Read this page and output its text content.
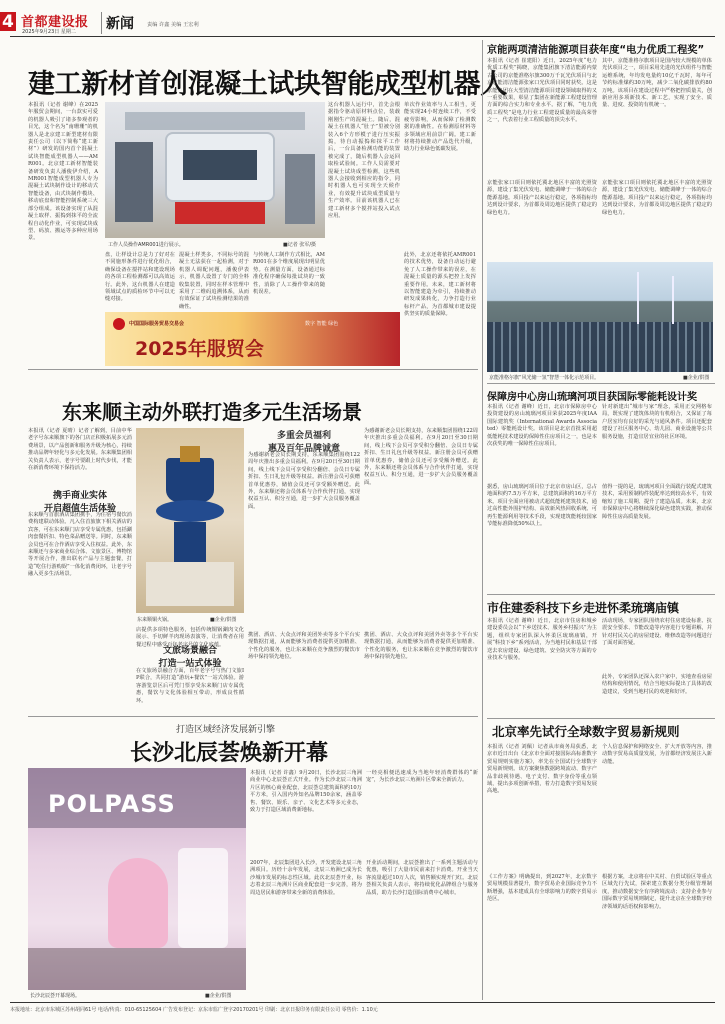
4 首都建设报
2025年9月23日 星期二 新闻	责编 许鑫 美编 王宏利
建工新材首创混凝土试块智能成型机器人
本报讯（记者 谢峰）在2025年服贸会期间，一台款实可爱的机器人吸引了诸多参观者的目光，这个名为“南珊珊”的机器人是北京建工新型建材有限责任公司（以下简称“建工新材”）研发的国内首个混凝土试块智能成型机器人——AMR001。北京建工新材智能装备研发负责人潘俊伊介绍，AMR001智能成型机器人专为混凝土试块制作设计的移动式智能设备，由式块制作模块、移动底盘和智能控制系统三大部分组成。该设备实现了从混凝土取样、振捣到抹平的全流程自动化作业，可实现试块成型、码放、搬运等多种应用场景。
工作人员操作AMR001进行展示。	■记者 张军/摄
这台机器人运行中，首先会根据指令驱动原材料点位，装载刚刚生产的混凝土。随后，混凝土在机器人“肚子”里被分别装入6个方形模子进行压实振捣，待自动振捣和抹平工作后，一台具备检测功能的装置被完成了，随后机器人会运回取检试验间。工作人员需要对混凝土试块成型检测，这些机器人会接收到相应的指令，同时机器人也可实现全天候作业，有效提升试块成型质量与生产效率。目前该机器人已在建工新材多个搅拌站投入试点应用。
单次作业效率与人工相当，更能实现24小时连续工作，不受疲劳影响，从而保障了检测数据的准确性。在检测原材料等多领域应用前景广阔。建工新材将持续推动产品迭代升级，助力行业绿色低碳发展。
此外，北京还将依托AMR001的技术优势，设备自动运行避免了人工操作带来的误差，在混凝土质量的源头把控上发挥重要作用。未来，建工新材将以智能建造为牵引，持续推动研发成果转化，力争打造行业标杆产品，为首都城市建设提供坚实的质量保障。
盘，让样设计总是力了好对在不同施形条件进行优化组合，确保设备在搅拌站和建设现场的各项工程检测都可以高效运行。此外，这台机器人在建造领域试点的质检环节中可以无缝对接。
混凝土样类多，不同标号的混凝土无法获在一起检测，对于机器人调配问题，潘俊伊表示，机器人设置了专门的全料收集装置，同时在样本管理中采用了二维码追溯体系，从而有效保证了试块检测结果的准确性。
与传统人工制作方式相比，AMR001在多个维度展现出明显优势。在测量方面，设备通过标准化程序确保每批试块的一致性，消除了人工操作带来的随机误差。
中国国际服务贸易交易会	数字 智能 绿色
2025年服贸会
京能两项清洁能源项目获年度“电力优质工程奖”
本报讯（记者 崔建阳）近日，2025年度“电力优质工程奖”揭晓，京能集团旗下清洁能源内蒙古公司的京能准格尔旗300万千瓦光伏项目与北京京能清洁能源张家口光伏项目同时获奖。这是京能集团在大型清洁能源项目建设领域取得的又一重要成果，彰显了集团在新能源工程建设管理方面的综合实力和专业水平。据了解，“电力优质工程奖”是电力行业工程建设质量的最高荣誉之一，代表着行业工程质量的顶尖水平。
其中，京能准格尔旗项目是国内较大规模的单体光伏项目之一，项目采用先进的光伏组件与智能运维系统，年均发电量约10亿千瓦时，每年可节约标准煤约30万吨，减少二氧化碳排放约80万吨。该项目在建设过程中严格把控质量关，创新应用多项新技术、新工艺，实现了安全、质量、进度、投资的有机统一。
京能张家口项目则依托冀北地区丰富的光照资源，建设了集光伏发电、储能调峰于一体的综合能源基地。项目投产以来运行稳定，各项指标均达到设计要求，为首都及周边地区提供了稳定的绿色电力。
京能张家口项目则依托冀北地区丰富的光照资源，建设了集光伏发电、储能调峰于一体的综合能源基地。项目投产以来运行稳定，各项指标均达到设计要求，为首都及周边地区提供了稳定的绿色电力。
京能准格尔旗“风光储一氢”智慧一体化示范项目。	■企业/供图
东来顺主动外联打造多元生活场景
本报讯（记者 夏晴）记者了解到，目前中华老字号东来顺旗下的各门店正积极拓展多元消费场景，以产品创新和服务升级为核心，持续推动品牌年轻化与多元化发展。东来顺集团相关负责人表示，老字号要跟上时代步伐，才能在新消费环境下保持活力。
携手商业实体
开启超值生活体验
东来顺与首旅酒店集团携手，为住宿与餐饮消费构建联动体验。凡入住首旅旗下相关酒店的宾客，可在东来顺门店享受专属优惠，包括涮肉套餐折扣、特色菜品赠送等。同时，东来顺会员也可在合作酒店享受入住权益。此外，东来顺还与多家商业综合体、文旅景区、博物馆等开展合作，推出联名产品与主题套餐，打造“吃住行游购娱”一体化消费闭环，让老字号融入更多生活场景。
东来顺铜火锅。	■企业/供图
店提供多项特色服务，包括传统铜锅涮肉文化展示、手切鲜羊肉现场表演等，让消费者在用餐过程中感受百年老字号的文化底蕴。
文旅场景融合
打造一站式体验
在文旅场景融合方面，百年老字号与热门文旅IP联合，共同打造“游玩+餐饮”一站式体验。游客游览景区后可凭门票享受东来顺门店专属优惠，餐饮与文化体验相互带动，形成良性循环。
多重会员福利
惠及百年品牌诚意
为感谢新老会员长期支持，东来顺集团围绕122周年庆推出多重会员福利。在9月20日至30日期间，线上线下会员可享受积分翻倍、会员日专属折扣、生日礼包升级等权益。新注册会员可获赠首单优惠券，储值会员还可享受额外赠送。此外，东来顺还将会员体系与合作伙伴打通，实现权益互认、积分互通，进一步扩大会员服务覆盖面。
为感谢新老会员长期支持，东来顺集团围绕122周年庆推出多重会员福利。在9月20日至30日期间，线上线下会员可享受积分翻倍、会员日专属折扣、生日礼包升级等权益。新注册会员可获赠首单优惠券，储值会员还可享受额外赠送。此外，东来顺还将会员体系与合作伙伴打通，实现权益互认、积分互通，进一步扩大会员服务覆盖面。
携团、酒店、大众点评和美团外卖等多个平台实现数据打通，从而能够为消费者提供更加精准、个性化的服务，也让东来顺在竞争激烈的餐饮市场中保持领先地位。
携团、酒店、大众点评和美团外卖等多个平台实现数据打通，从而能够为消费者提供更加精准、个性化的服务，也让东来顺在竞争激烈的餐饮市场中保持领先地位。
保障房中心房山琉璃河项目获国际零能耗设计奖
本报讯（记者 谢峰）近日，北京市保障房中心投资建设的房山琉璃河项目荣获2025年度IAA国际建筑奖（International Awards Associated）零能耗设计奖。该项目是北京首批采用超低能耗技术建设的保障性住房项目之一，也是本次获奖的唯一保障性住房项目。
据悉，房山琉璃河项目位于北京市房山区，总占地面积约7.5万平方米，总建筑面积约16万平方米。项目全面应用被动式超低能耗建筑技术，通过高性能外围护结构、高效新风热回收系统、可再生能源利用等技术手段，实现建筑能耗较国家节能标准降低50%以上。
针对新建出“城市与家”理念，采用正交网格布局，既实现了建筑体块的有机组合，又保证了每户居室均有良好的采光与通风条件。项目还配套建设了社区服务中心、幼儿园、商业设施等公共服务设施，打造宜居宜业的社区环境。
值得一提的是，琉璃河项目全面践行装配式建筑技术，采用预制构件装配率达到较高水平，有效缩短了施工周期、提升了建造品质。未来，北京市保障房中心将继续深化绿色建筑实践，推动保障性住房高质量发展。
市住建委科技下乡走进怀柔琉璃庙镇
本报讯（记者 谢峰）近日，北京市住房和城乡建设委员会以“下乡送技术、服务乡村振兴”为主题，组织专家团队深入怀柔区琉璃庙镇，开展“科技下乡”系列活动，为当地村民和基层干部送去农房建设、绿色建筑、安全防灾等方面的专业技术与服务。
活动现场，专家团队围绕农村住房建设标准、抗震安全要求、节能改造等内容进行专题讲解，并针对村民关心的房屋建设、维修改造等问题进行了面对面答疑。
此外，专家团队还深入农户家中，实地查看房屋结构和使用情况，结合当地实际提出了具体的改造建议，受到当地村民的欢迎和好评。
打造区域经济发展新引擎
长沙北辰荟焕新开幕
POLPASS
长沙北辰荟开幕现场。	■企业/供图
本报讯（记者 许鑫）9月20日，长沙北辰三角洲商业中心北辰荟正式开业。作为长沙北辰三角洲片区的核心商业配套，北辰荟总建筑面积约10万平方米，引入国内外知名品牌150余家，涵盖零售、餐饮、娱乐、亲子、文化艺术等多元业态，致力于打造区域消费新地标。
2007年，北辰集团进入长沙，开发建设北辰三角洲项目。历经十余年发展，北辰三角洲已成为长沙城市发展的标志性区域。此次北辰荟开业，标志着北辰三角洲片区商业配套进一步完善，将为周边居民和游客带来全新的消费体验。
一经亮相便迅速成为当地年轻消费群体的“新宠”，为长沙北辰三角洲片区带来全新活力。
开业活动期间，北辰荟推出了一系列主题活动与优惠，吸引了大量市民前来打卡消费。开业当天客流量超过10万人次，销售额实现开门红。北辰荟相关负责人表示，将持续优化品牌组合与服务品质，助力长沙打造国际消费中心城市。
北京率先试行全球数字贸易新规则
本报讯（记者 刘佩）记者从市商务局获悉，北京市近日出台《北京市全面对接国际高标准数字贸易规则实施方案》，率先在全国试行全球数字贸易新规则。该方案聚焦数据跨境流动、数字产品非歧视待遇、电子支付、数字身份等重点领域，提出多项创新举措，着力打造数字贸易发展高地。
《工作方案》明确提出，到2027年，北京数字贸易规模显著提升，数字贸易企业国际竞争力不断增强，基本建成具有全球影响力的数字贸易示范区。
个人信息保护和网络安全、扩大开放等内容，推动数字贸易高质量发展，为首都经济发展注入新动能。
根据方案，北京将在中关村、自贸试验区等重点区域先行先试，探索建立数据分类分级管理制度，推动数据安全有序跨境流动；支持企业参与国际数字贸易规则制定，提升北京在全球数字经济领域的话语权和影响力。
本报地址：北京市东城区苏州胡同61号 电话/传真：010-65125604 广告发布登记：京东市监广登字20170201号 印刷：北京日报印务有限责任公司 零售价：1.10元
